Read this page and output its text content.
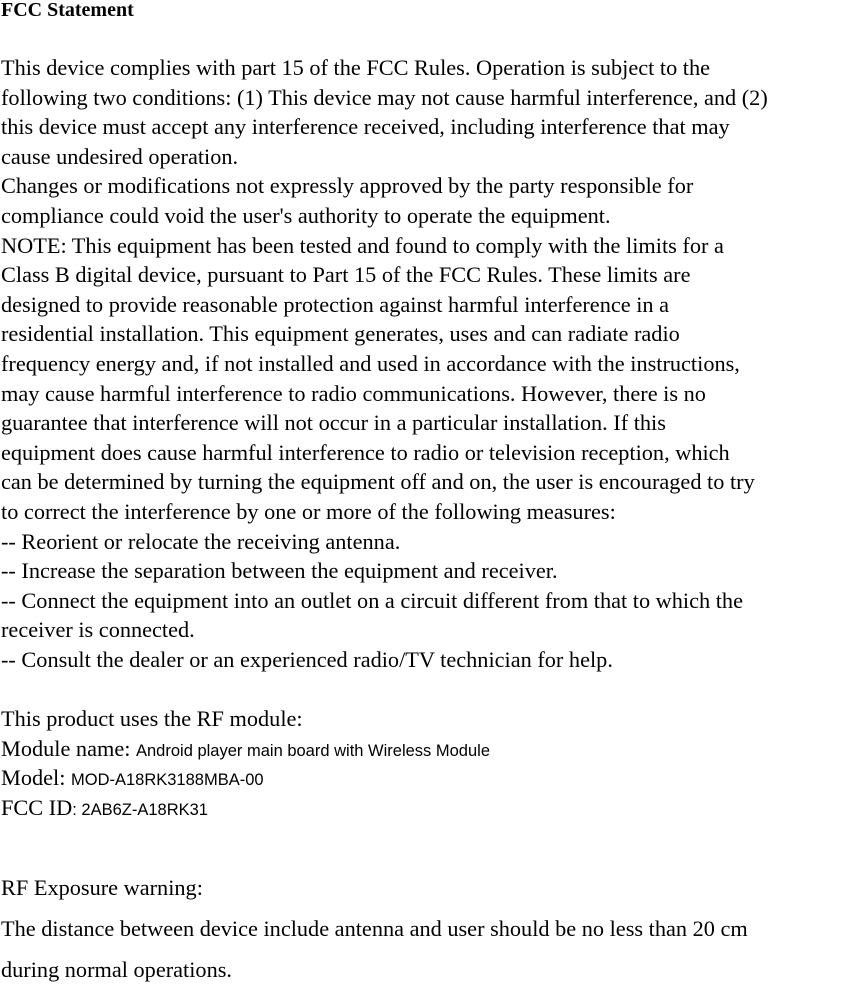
FCC Statement
This device complies with part 15 of the FCC Rules. Operation is subject to the
following two conditions: (1) This device may not cause harmful interference, and (2)
this device must accept any interference received, including interference that may
cause undesired operation.
Changes or modifications not expressly approved by the party responsible for
compliance could void the user's authority to operate the equipment.
NOTE: This equipment has been tested and found to comply with the limits for a
Class B digital device, pursuant to Part 15 of the FCC Rules. These limits are
designed to provide reasonable protection against harmful interference in a
residential installation. This equipment generates, uses and can radiate radio
frequency energy and, if not installed and used in accordance with the instructions,
may cause harmful interference to radio communications. However, there is no
guarantee that interference will not occur in a particular installation. If this
equipment does cause harmful interference to radio or television reception, which
can be determined by turning the equipment off and on, the user is encouraged to try
to correct the interference by one or more of the following measures:
-- Reorient or relocate the receiving antenna.
-- Increase the separation between the equipment and receiver.
-- Connect the equipment into an outlet on a circuit different from that to which the
receiver is connected.
-- Consult the dealer or an experienced radio/TV technician for help.
This product uses the RF module:
Module name: Android player main board with Wireless Module
Model: MOD-A18RK3188MBA-00
FCC ID: 2AB6Z-A18RK31
RF Exposure warning:
The distance between device include antenna and user should be no less than 20 cm
during normal operations.
